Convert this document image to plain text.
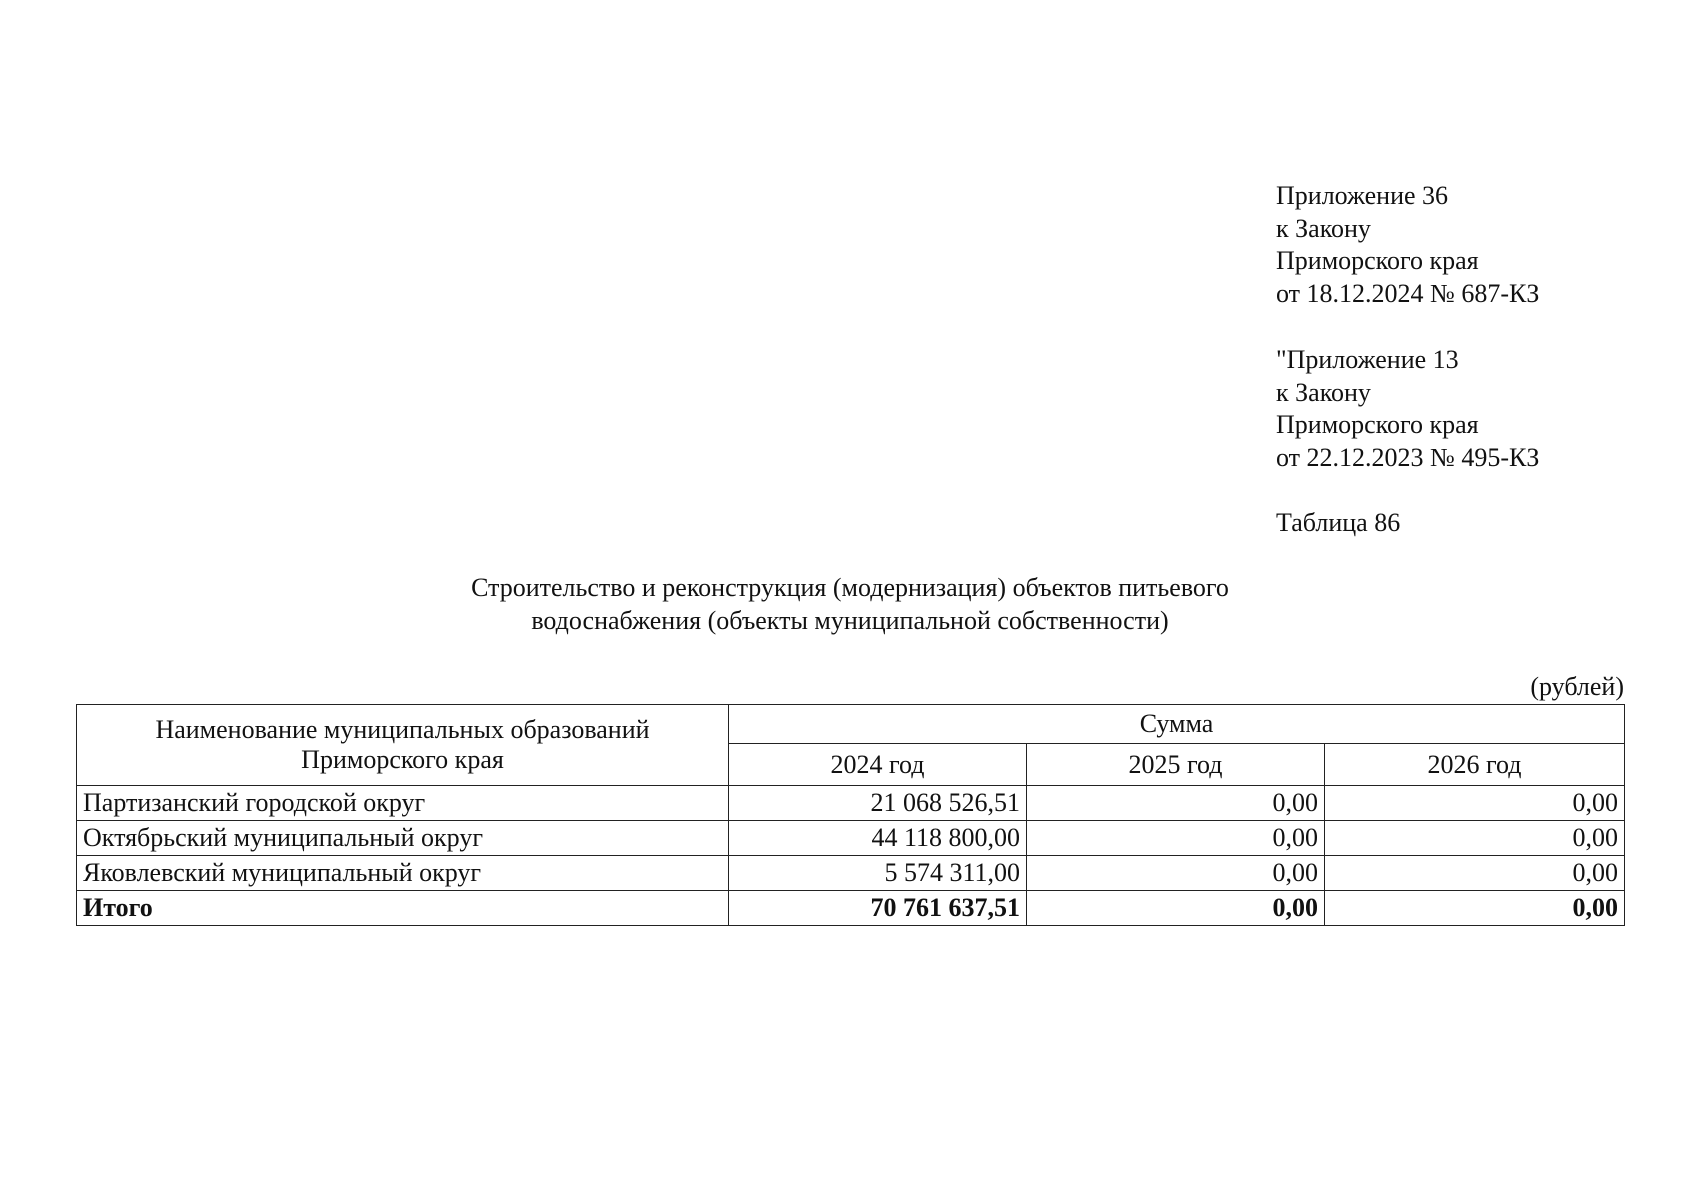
Приложение 36
к Закону
Приморского края
от 18.12.2024 № 687-КЗ
"Приложение 13
к Закону
Приморского края
от 22.12.2023 № 495-КЗ
Таблица 86
Строительство и реконструкция (модернизация) объектов питьевого
водоснабжения (объекты муниципальной собственности)
(рублей)
Наименование муниципальных образований Приморского края	Сумма		
	2024 год	2025 год	2026 год
Партизанский городской округ	21 068 526,51	0,00	0,00
Октябрьский муниципальный округ	44 118 800,00	0,00	0,00
Яковлевский муниципальный округ	5 574 311,00	0,00	0,00
Итого	70 761 637,51	0,00	0,00
